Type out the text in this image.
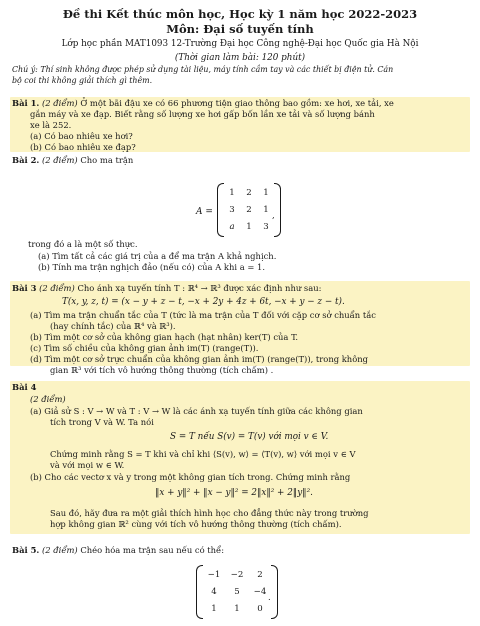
Đề thi Kết thúc môn học, Học kỳ 1 năm học 2022-2023
Môn: Đại số tuyến tính
Lớp học phần MAT1093 12-Trường Đại học Công nghệ-Đại học Quốc gia Hà Nội
(Thời gian làm bài: 120 phút)
Chú ý: Thí sinh không được phép sử dụng tài liệu, máy tính cầm tay và các thiết bị điện tử. Cán
bộ coi thi không giải thích gì thêm.
Bài 1. (2 điểm) Ở một bãi đậu xe có 66 phương tiện giao thông bao gồm: xe hơi, xe tải, xe
gắn máy và xe đạp. Biết rằng số lượng xe hơi gấp bốn lần xe tải và số lượng bánh
xe là 252.
(a) Có bao nhiêu xe hơi?
(b) Có bao nhiêu xe đạp?
Bài 2. (2 điểm) Cho ma trận
A =
1 2 1
3 2 1
a 1 3
,
trong đó a là một số thực.
(a) Tìm tất cả các giá trị của a để ma trận A khả nghịch.
(b) Tính ma trận nghịch đảo (nếu có) của A khi a = 1.
Bài 3 (2 điểm) Cho ánh xạ tuyến tính T : ℝ⁴ → ℝ³ được xác định như sau:
T(x, y, z, t) = (x − y + z − t, −x + 2y + 4z + 6t, −x + y − z − t).
(a) Tìm ma trận chuẩn tắc của T (tức là ma trận của T đối với cặp cơ sở chuẩn tắc
(hay chính tắc) của ℝ⁴ và ℝ³).
(b) Tìm một cơ sở của không gian hạch (hạt nhân) ker(T) của T.
(c) Tìm số chiều của không gian ảnh im(T) (range(T)).
(d) Tìm một cơ sở trực chuẩn của không gian ảnh im(T) (range(T)), trong không
gian ℝ³ với tích vô hướng thông thường (tích chấm) .
Bài 4
(2 điểm)
(a) Giả sử S : V → W và T : V → W là các ánh xạ tuyến tính giữa các không gian
tích trong V và W. Ta nói
S = T nếu S(v) = T(v) với mọi v ∈ V.
Chứng minh rằng S = T khi và chỉ khi ⟨S(v), w⟩ = ⟨T(v), w⟩ với mọi v ∈ V
và với mọi w ∈ W.
(b) Cho các vectơ x và y trong một không gian tích trong. Chứng minh rằng
‖x + y‖² + ‖x − y‖² = 2‖x‖² + 2‖y‖².
Sau đó, hãy đưa ra một giải thích hình học cho đẳng thức này trong trường
hợp không gian ℝ² cùng với tích vô hướng thông thường (tích chấm).
Bài 5. (2 điểm) Chéo hóa ma trận sau nếu có thể:
−1 −2	2
4	5	−4
1	1	0
.
